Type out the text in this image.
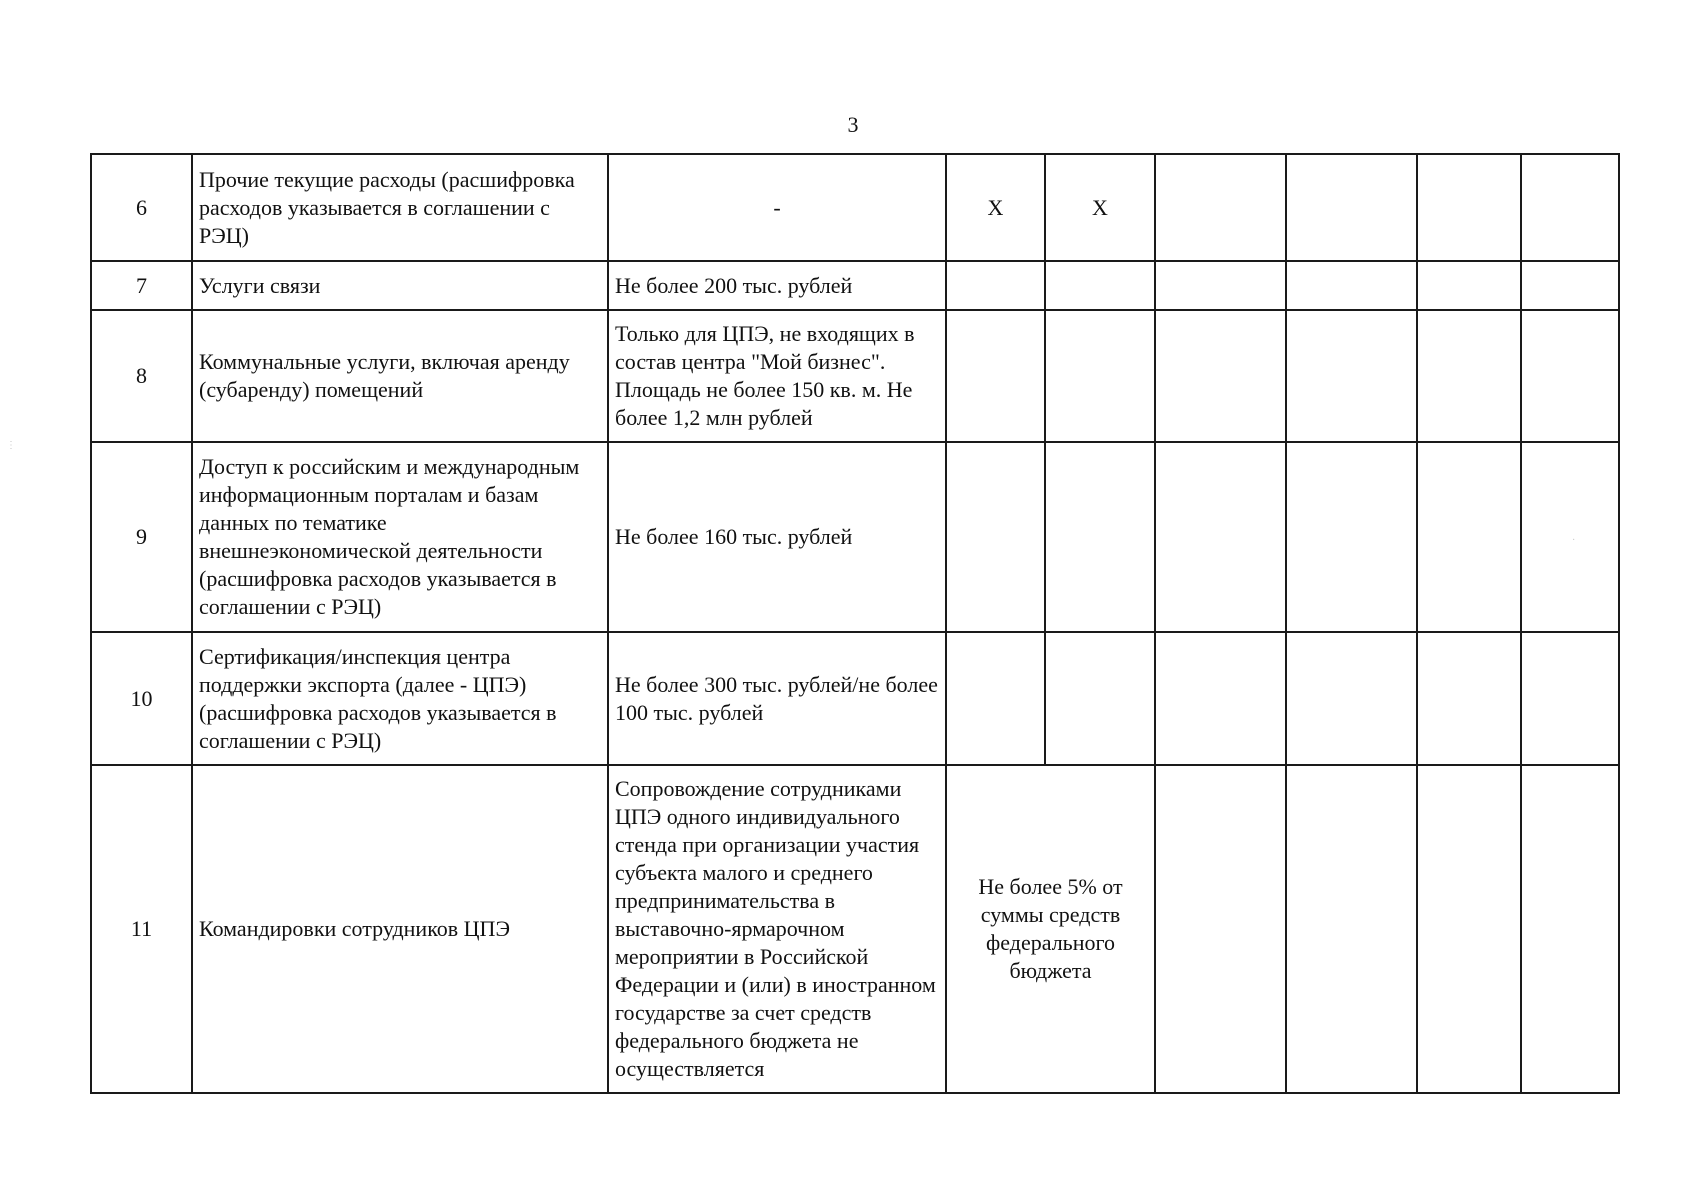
3
6	Прочие текущие расходы (расшифровка расходов указывается в соглашении с РЭЦ)	-	X	X				
7	Услуги связи	Не более 200 тыс. рублей						
8	Коммунальные услуги, включая аренду (субаренду) помещений	Только для ЦПЭ, не входящих в состав центра "Мой бизнес". Площадь не более 150 кв. м. Не более 1,2 млн рублей						
9	Доступ к российским и международным информационным порталам и базам данных по тематике внешнеэкономической деятельности (расшифровка расходов указывается в соглашении с РЭЦ)	Не более 160 тыс. рублей						
10	Сертификация/инспекция центра поддержки экспорта (далее - ЦПЭ) (расшифровка расходов указывается в соглашении с РЭЦ)	Не более 300 тыс. рублей/не более 100 тыс. рублей						
11	Командировки сотрудников ЦПЭ	Сопровождение сотрудниками ЦПЭ одного индивидуального стенда при организации участия субъекта малого и среднего предпринимательства в выставочно-ярмарочном мероприятии в Российской Федерации и (или) в иностранном государстве за счет средств федерального бюджета не осуществляется	Не более 5% от суммы средств федерального бюджета					
⋮
·
